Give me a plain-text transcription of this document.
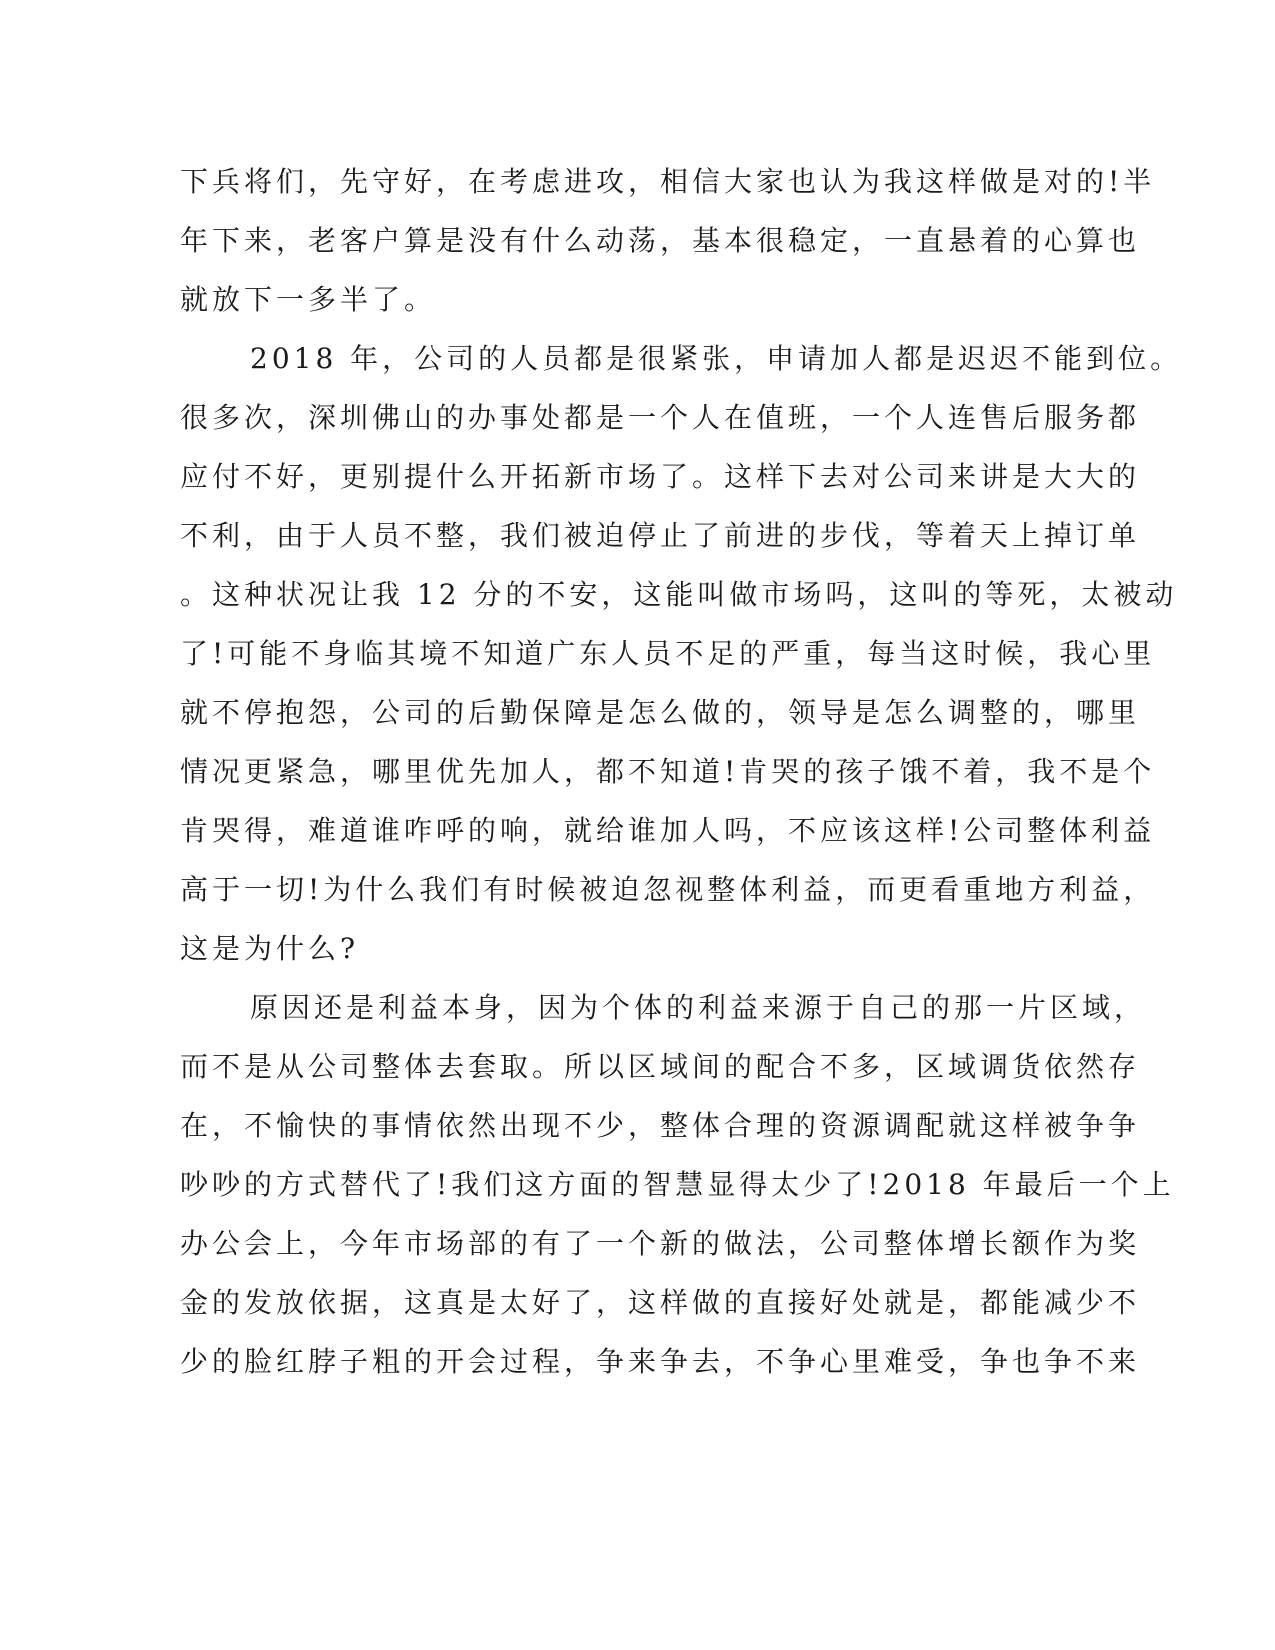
下兵将们，先守好，在考虑进攻，相信大家也认为我这样做是对的!半
年下来，老客户算是没有什么动荡，基本很稳定，一直悬着的心算也
就放下一多半了。
2018 年，公司的人员都是很紧张，申请加人都是迟迟不能到位。
很多次，深圳佛山的办事处都是一个人在值班，一个人连售后服务都
应付不好，更别提什么开拓新市场了。这样下去对公司来讲是大大的
不利，由于人员不整，我们被迫停止了前进的步伐，等着天上掉订单
。这种状况让我 12 分的不安，这能叫做市场吗，这叫的等死，太被动
了!可能不身临其境不知道广东人员不足的严重，每当这时候，我心里
就不停抱怨，公司的后勤保障是怎么做的，领导是怎么调整的，哪里
情况更紧急，哪里优先加人，都不知道!肯哭的孩子饿不着，我不是个
肯哭得，难道谁咋呼的响，就给谁加人吗，不应该这样!公司整体利益
高于一切!为什么我们有时候被迫忽视整体利益，而更看重地方利益，
这是为什么?
原因还是利益本身，因为个体的利益来源于自己的那一片区域，
而不是从公司整体去套取。所以区域间的配合不多，区域调货依然存
在，不愉快的事情依然出现不少，整体合理的资源调配就这样被争争
吵吵的方式替代了!我们这方面的智慧显得太少了!2018 年最后一个上
办公会上，今年市场部的有了一个新的做法，公司整体增长额作为奖
金的发放依据，这真是太好了，这样做的直接好处就是，都能减少不
少的脸红脖子粗的开会过程，争来争去，不争心里难受，争也争不来
